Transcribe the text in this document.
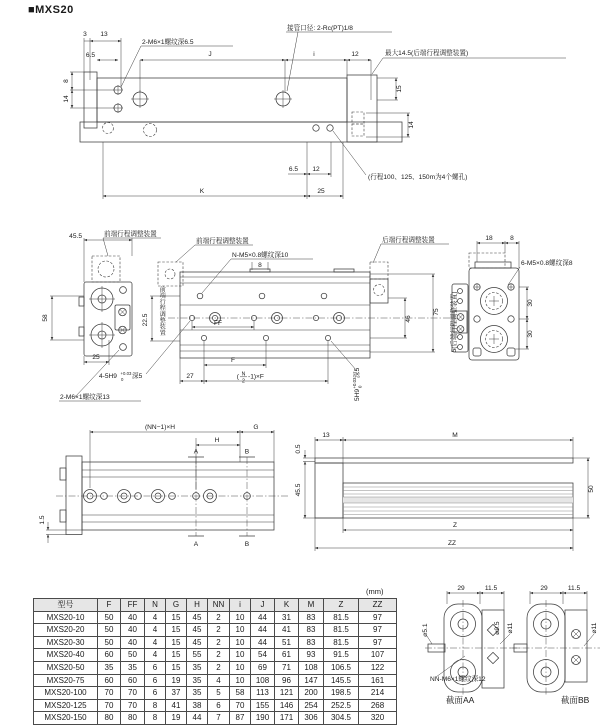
■MXS20
3 13
2-M6×1螺纹深6.5
6.5	J	i	12
接管口径: 2-Rc(PT)1/8
最大14.5(后端行程调整装置)
8
14
15
14
6.5 12
K	25
(行程100、125、150m为4个螺孔)
45.5	前端行程调整装置
58
25
2-M6×1螺纹深13
前端行程调整装置
N-M5×0.8螺纹深10
后端行程调整装置
8
22.5	FF
F
27	( N
2
-1)×F
4-5H9 +0.03
0 深5
5H9
+0.03 0
深5
46
75	5(后端行程调整装置)
18	8
6-M5×0.8螺纹深8
30
30
(NN−1)×H	G
H
A	B
A	B
1.5
13	M
0.5
45.5	50
Z
ZZ
29	11.5
⌀5.1	⌀9.5 ⌀11
NN-M6×1螺纹深12
截面AA
29	11.5
⌀11
截面BB
前端行程调整装置
(mm)
型号	F	FF	N	G	H	NN	i	J	K	M	Z	ZZ
MXS20-10	50	40	4	15	45	2	10	44	31	83	81.5	97
MXS20-20	50	40	4	15	45	2	10	44	41	83	81.5	97
MXS20-30	50	40	4	15	45	2	10	44	51	83	81.5	97
MXS20-40	60	50	4	15	55	2	10	54	61	93	91.5	107
MXS20-50	35	35	6	15	35	2	10	69	71	108	106.5	122
MXS20-75	60	60	6	19	35	4	10	108	96	147	145.5	161
MXS20-100	70	70	6	37	35	5	58	113	121	200	198.5	214
MXS20-125	70	70	8	41	38	6	70	155	146	254	252.5	268
MXS20-150	80	80	8	19	44	7	87	190	171	306	304.5	320
